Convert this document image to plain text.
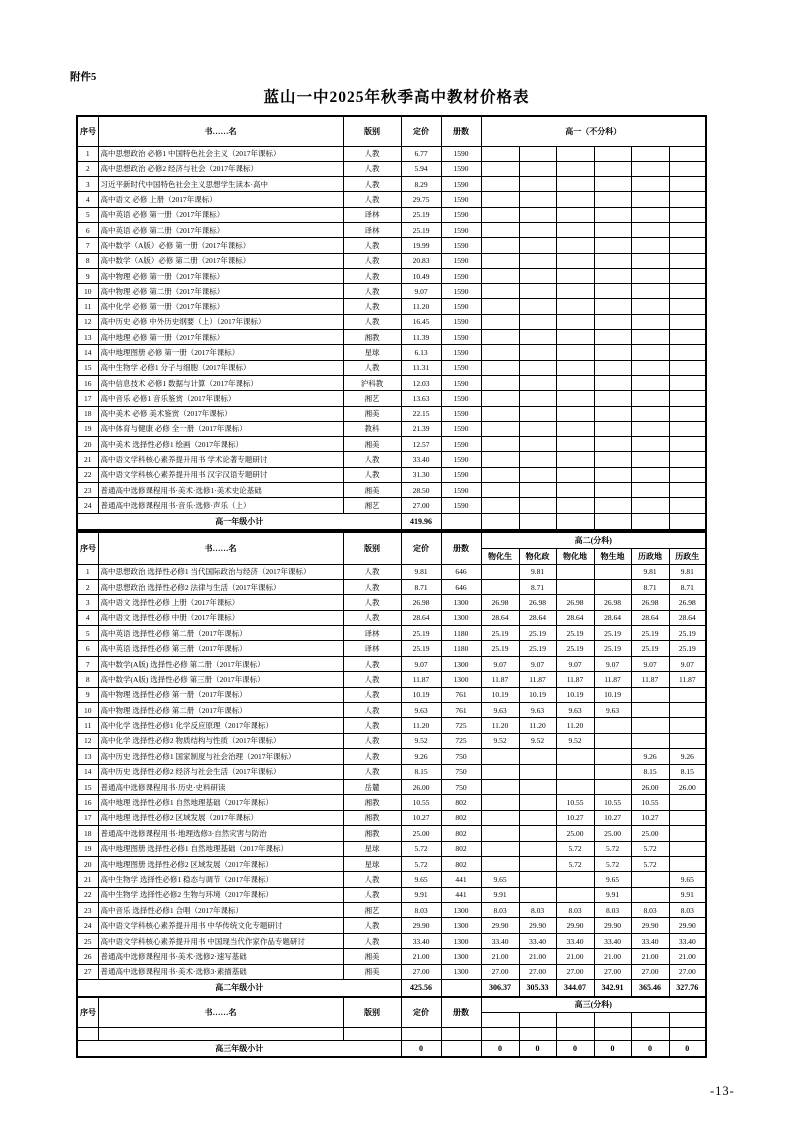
附件5
蓝山一中2025年秋季高中教材价格表
序号	书……名	版别	定价	册数	高一（不分科）					
1	高中思想政治 必修1 中国特色社会主义（2017年课标）	人教	6.77	1590						
2	高中思想政治 必修2 经济与社会（2017年课标）	人教	5.94	1590						
3	习近平新时代中国特色社会主义思想学生读本·高中	人教	8.29	1590						
4	高中语文 必修 上册（2017年课标）	人教	29.75	1590						
5	高中英语 必修 第一册（2017年课标）	译林	25.19	1590						
6	高中英语 必修 第二册（2017年课标）	译林	25.19	1590						
7	高中数学（A版）必修 第一册（2017年课标）	人教	19.99	1590						
8	高中数学（A版）必修 第二册（2017年课标）	人教	20.83	1590						
9	高中物理 必修 第一册（2017年课标）	人教	10.49	1590						
10	高中物理 必修 第二册（2017年课标）	人教	9.07	1590						
11	高中化学 必修 第一册（2017年课标）	人教	11.20	1590						
12	高中历史 必修 中外历史纲要（上）（2017年课标）	人教	16.45	1590						
13	高中地理 必修 第一册（2017年课标）	湘教	11.39	1590						
14	高中地理图册 必修 第一册（2017年课标）	星球	6.13	1590						
15	高中生物学 必修1 分子与细胞（2017年课标）	人教	11.31	1590						
16	高中信息技术 必修1 数据与计算（2017年课标）	沪科教	12.03	1590						
17	高中音乐 必修1 音乐鉴赏（2017年课标）	湘艺	13.63	1590						
18	高中美术 必修 美术鉴赏（2017年课标）	湘美	22.15	1590						
19	高中体育与健康 必修 全一册（2017年课标）	教科	21.39	1590						
20	高中美术 选择性必修1 绘画（2017年课标）	湘美	12.57	1590						
21	高中语文学科核心素养提升用书 学术论著专题研讨	人教	33.40	1590						
22	高中语文学科核心素养提升用书 汉字汉语专题研讨	人教	31.30	1590						
23	普通高中选修课程用书·美术·选修1·美术史论基础	湘美	28.50	1590						
24	普通高中选修课程用书·音乐·选修·声乐（上）	湘艺	27.00	1590						
高一年级小计			419.96							
序号	书……名	版别	定价	册数	高二(分科)					
					物化生	物化政	物化地	物生地	历政地	历政生
1	高中思想政治 选择性必修1 当代国际政治与经济（2017年课标）	人教	9.81	646		9.81			9.81	9.81
2	高中思想政治 选择性必修2 法律与生活（2017年课标）	人教	8.71	646		8.71			8.71	8.71
3	高中语文 选择性必修 上册（2017年课标）	人教	26.98	1300	26.98	26.98	26.98	26.98	26.98	26.98
4	高中语文 选择性必修 中册（2017年课标）	人教	28.64	1300	28.64	28.64	28.64	28.64	28.64	28.64
5	高中英语 选择性必修 第二册（2017年课标）	译林	25.19	1180	25.19	25.19	25.19	25.19	25.19	25.19
6	高中英语 选择性必修 第三册（2017年课标）	译林	25.19	1180	25.19	25.19	25.19	25.19	25.19	25.19
7	高中数学(A版) 选择性必修 第二册（2017年课标）	人教	9.07	1300	9.07	9.07	9.07	9.07	9.07	9.07
8	高中数学(A版) 选择性必修 第三册（2017年课标）	人教	11.87	1300	11.87	11.87	11.87	11.87	11.87	11.87
9	高中物理 选择性必修 第一册（2017年课标）	人教	10.19	761	10.19	10.19	10.19	10.19		
10	高中物理 选择性必修 第二册（2017年课标）	人教	9.63	761	9.63	9.63	9.63	9.63		
11	高中化学 选择性必修1 化学反应原理（2017年课标）	人教	11.20	725	11.20	11.20	11.20			
12	高中化学 选择性必修2 物质结构与性质（2017年课标）	人教	9.52	725	9.52	9.52	9.52			
13	高中历史 选择性必修1 国家制度与社会治理（2017年课标）	人教	9.26	750					9.26	9.26
14	高中历史 选择性必修2 经济与社会生活（2017年课标）	人教	8.15	750					8.15	8.15
15	普通高中选修课程用书·历史·史料研读	岳麓	26.00	750					26.00	26.00
16	高中地理 选择性必修1 自然地理基础（2017年课标）	湘教	10.55	802			10.55	10.55	10.55	
17	高中地理 选择性必修2 区域发展（2017年课标）	湘教	10.27	802			10.27	10.27	10.27	
18	普通高中选修课程用书·地理选修3·自然灾害与防治	湘教	25.00	802			25.00	25.00	25.00	
19	高中地理图册 选择性必修1 自然地理基础（2017年课标）	星球	5.72	802			5.72	5.72	5.72	
20	高中地理图册 选择性必修2 区域发展（2017年课标）	星球	5.72	802			5.72	5.72	5.72	
21	高中生物学 选择性必修1 稳态与调节（2017年课标）	人教	9.65	441	9.65			9.65		9.65
22	高中生物学 选择性必修2 生物与环境（2017年课标）	人教	9.91	441	9.91			9.91		9.91
23	高中音乐 选择性必修1 合唱（2017年课标）	湘艺	8.03	1300	8.03	8.03	8.03	8.03	8.03	8.03
24	高中语文学科核心素养提升用书 中华传统文化专题研讨	人教	29.90	1300	29.90	29.90	29.90	29.90	29.90	29.90
25	高中语文学科核心素养提升用书 中国现当代作家作品专题研讨	人教	33.40	1300	33.40	33.40	33.40	33.40	33.40	33.40
26	普通高中选修课程用书·美术·选修2·速写基础	湘美	21.00	1300	21.00	21.00	21.00	21.00	21.00	21.00
27	普通高中选修课程用书·美术·选修3·素描基础	湘美	27.00	1300	27.00	27.00	27.00	27.00	27.00	27.00
高二年级小计			425.56		306.37	305.33	344.07	342.91	365.46	327.76
序号	书……名	版别	定价	册数	高三(分科)					

高三年级小计			0		0	0	0	0	0	0
-13-
